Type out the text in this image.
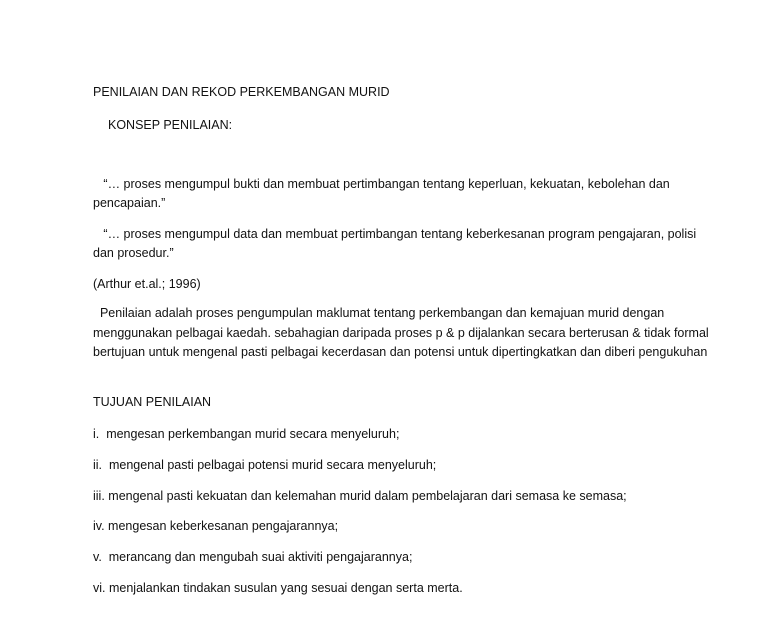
PENILAIAN DAN REKOD PERKEMBANGAN MURID

KONSEP PENILAIAN:

“… proses mengumpul bukti dan membuat pertimbangan tentang keperluan, kekuatan, kebolehan dan pencapaian.”

“… proses mengumpul data dan membuat pertimbangan tentang keberkesanan program pengajaran, polisi dan prosedur.”

(Arthur et.al.; 1996)

Penilaian adalah proses pengumpulan maklumat tentang perkembangan dan kemajuan murid dengan menggunakan pelbagai kaedah. sebahagian daripada proses p & p dijalankan secara berterusan & tidak formal bertujuan untuk mengenal pasti pelbagai kecerdasan dan potensi untuk dipertingkatkan dan diberi pengukuhan

TUJUAN PENILAIAN

i.  mengesan perkembangan murid secara menyeluruh;

ii.  mengenal pasti pelbagai potensi murid secara menyeluruh;

iii. mengenal pasti kekuatan dan kelemahan murid dalam pembelajaran dari semasa ke semasa;

iv. mengesan keberkesanan pengajarannya;

v.  merancang dan mengubah suai aktiviti pengajarannya;

vi. menjalankan tindakan susulan yang sesuai dengan serta merta.
